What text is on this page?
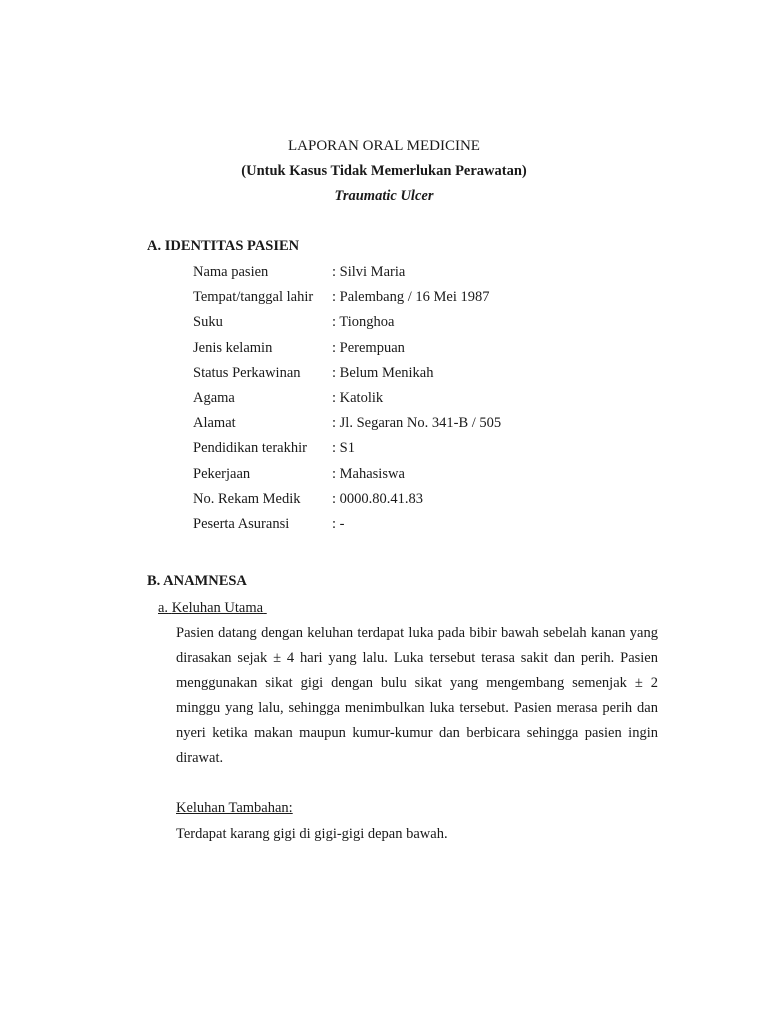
LAPORAN ORAL MEDICINE
(Untuk Kasus Tidak Memerlukan Perawatan)
Traumatic Ulcer
A. IDENTITAS PASIEN
Nama pasien	: Silvi Maria
Tempat/tanggal lahir	: Palembang / 16 Mei 1987
Suku	: Tionghoa
Jenis kelamin	: Perempuan
Status Perkawinan	: Belum Menikah
Agama	: Katolik
Alamat	: Jl. Segaran No. 341-B / 505
Pendidikan terakhir	: S1
Pekerjaan	: Mahasiswa
No. Rekam Medik	: 0000.80.41.83
Peserta Asuransi	: -
B. ANAMNESA
a. Keluhan Utama
Pasien datang dengan keluhan terdapat luka pada bibir bawah sebelah kanan yang dirasakan sejak ± 4 hari yang lalu. Luka tersebut terasa sakit dan perih. Pasien menggunakan sikat gigi dengan bulu sikat yang mengembang semenjak ± 2 minggu yang lalu, sehingga menimbulkan luka tersebut. Pasien merasa perih dan nyeri ketika makan maupun kumur-kumur dan berbicara sehingga pasien ingin dirawat.
Keluhan Tambahan:
Terdapat karang gigi di gigi-gigi depan bawah.
